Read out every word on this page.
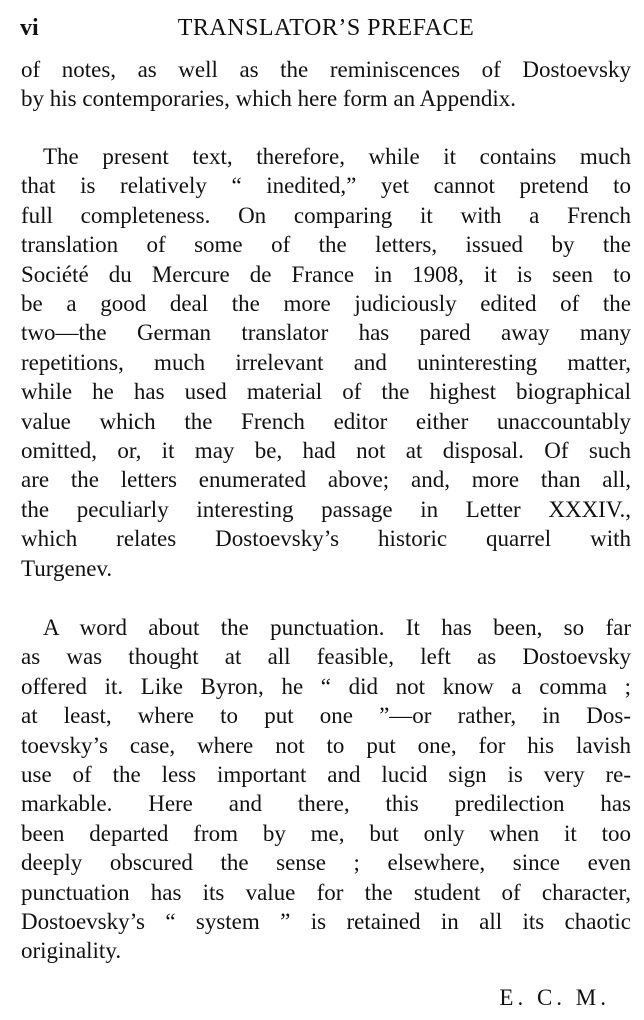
vi	TRANSLATOR’S PREFACE
of notes, as well as the reminiscences of Dostoevsky
by his contemporaries, which here form an Appendix.
The present text, therefore, while it contains much
that is relatively “ inedited,” yet cannot pretend to
full completeness. On comparing it with a French
translation of some of the letters, issued by the
Société du Mercure de France in 1908, it is seen to
be a good deal the more judiciously edited of the
two—the German translator has pared away many
repetitions, much irrelevant and uninteresting matter,
while he has used material of the highest biographical
value which the French editor either unaccountably
omitted, or, it may be, had not at disposal. Of such
are the letters enumerated above; and, more than all,
the peculiarly interesting passage in Letter XXXIV.,
which relates Dostoevsky’s historic quarrel with
Turgenev.
A word about the punctuation. It has been, so far
as was thought at all feasible, left as Dostoevsky
offered it. Like Byron, he “ did not know a comma ;
at least, where to put one ”—or rather, in Dos-
toevsky’s case, where not to put one, for his lavish
use of the less important and lucid sign is very re-
markable. Here and there, this predilection has
been departed from by me, but only when it too
deeply obscured the sense ; elsewhere, since even
punctuation has its value for the student of character,
Dostoevsky’s “ system ” is retained in all its chaotic
originality.
E. C. M.
